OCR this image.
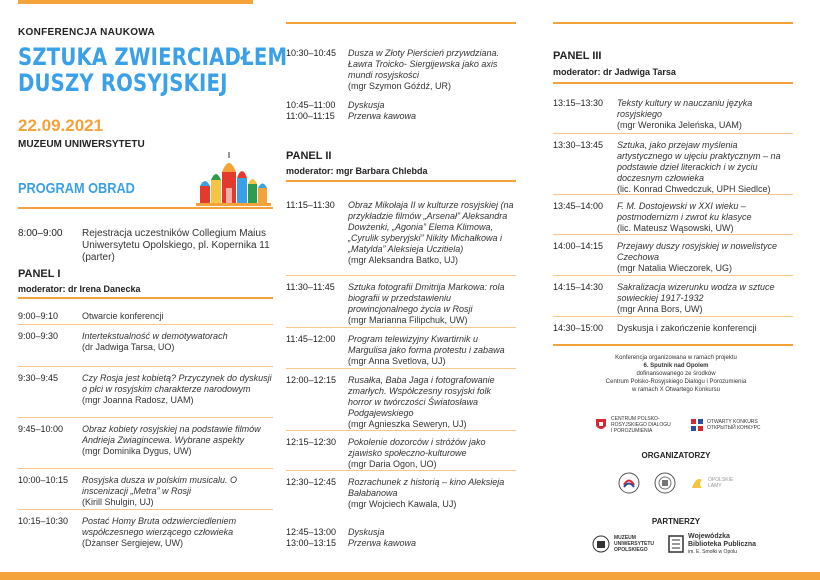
KONFERENCJA NAUKOWA
SZTUKA ZWIERCIADŁEM
DUSZY ROSYJSKIEJ
22.09.2021
MUZEUM UNIWERSYTETU
PROGRAM OBRAD
8:00–9:00 Rejestracja uczestników Collegium Maius Uniwersytetu Opolskiego, pl. Kopernika 11 (parter)
PANEL I
moderator: dr Irena Danecka
9:00–9:10	Otwarcie konferencji
9:00–9:30	Intertekstualność w demotywatorach
(dr Jadwiga Tarsa, UO)
9:30–9:45	Czy Rosja jest kobietą? Przyczynek do dyskusji o płci w rosyjskim charakterze narodowym
(mgr Joanna Radosz, UAM)
9:45–10:00 Obraz kobiety rosyjskiej na podstawie filmów Andrieja Zwiagincewa. Wybrane aspekty
(mgr Dominika Dygus, UW)
10:00–10:15 Rosyjska dusza w polskim musicalu. O inscenizacji „Metra” w Rosji
(Kirill Shulgin, UJ)
10:15–10:30 Postać Homy Bruta odzwierciedleniem współczesnego wierzącego człowieka
(Dżanser Sergiejew, UW)
10:30–10:45 Dusza w Złoty Pierścień przywdziana. Ławra Troicko- Siergijewska jako axis mundi rosyjskości
(mgr Szymon Góźdź, UR)
10:45–11:00 Dyskusja
11:00–11:15 Przerwa kawowa
PANEL II
moderator: mgr Barbara Chlebda
11:15–11:30 Obraz Mikołaja II w kulturze rosyjskiej (na przykładzie filmów „Arsenał” Aleksandra Dowżenki, „Agonia” Elema Klimowa, „Cyrulik syberyjski” Nikity Michałkowa i „Matylda” Aleksieja Uczitiela)
(mgr Aleksandra Batko, UJ)
11:30–11:45 Sztuka fotografii Dmitrija Markowa: rola biografii w przedstawieniu prowincjonalnego życia w Rosji
(mgr Marianna Filipchuk, UW)
11:45–12:00 Program telewizyjny Kwartirnik u Margulisa jako forma protestu i zabawa
(mgr Anna Svetlova, UJ)
12:00–12:15 Rusałka, Baba Jaga i fotografowanie zmarłych. Współczesny rosyjski folk horror w twórczości Światosława Podgajewskiego
(mgr Agnieszka Seweryn, UJ)
12:15–12:30 Pokolenie dozorców i stróżów jako zjawisko społeczno-kulturowe
(mgr Daria Ogon, UO)
12:30–12:45 Rozrachunek z historią – kino Aleksieja Bałabanowa
(mgr Wojciech Kawala, UJ)
12:45–13:00 Dyskusja
13:00–13:15 Przerwa kawowa
PANEL III
moderator: dr Jadwiga Tarsa
13:15–13:30 Teksty kultury w nauczaniu języka rosyjskiego
(mgr Weronika Jeleńska, UAM)
13:30–13:45 Sztuka, jako przejaw myślenia artystycznego w ujęciu praktycznym – na podstawie dzieł literackich i w życiu doczesnym człowieka
(lic. Konrad Chwedczuk, UPH Siedlce)
13:45–14:00 F. M. Dostojewski w XXI wieku – postmodernizm i zwrot ku klasyce
(lic. Mateusz Wąsowski, UW)
14:00–14:15 Przejawy duszy rosyjskiej w nowelistyce Czechowa
(mgr Natalia Wieczorek, UG)
14:15–14:30 Sakralizacja wizerunku wodza w sztuce sowieckiej 1917-1932
(mgr Anna Bors, UW)
14:30–15:00 Dyskusja i zakończenie konferencji
Konferencja organizowana w ramach projektu
6. Sputnik nad Opolem
dofinansowanego ze środków
Centrum Polsko-Rosyjskiego Dialogu i Porozumienia
w ramach X Otwartego Konkursu
CENTRUM POLSKO-ROSYJSKIEGO DIALOGU I POROZUMIENIA
OTWARTY KONKURS
ОТКРЫТЫЙ КОНКУРС
ORGANIZATORZY
OPOLSKIE LAMY
PARTNERZY
MUZEUM UNIWERSYTETU OPOLSKIEGO
Wojewódzka
Biblioteka Publiczna
im. E. Smołki w Opolu
